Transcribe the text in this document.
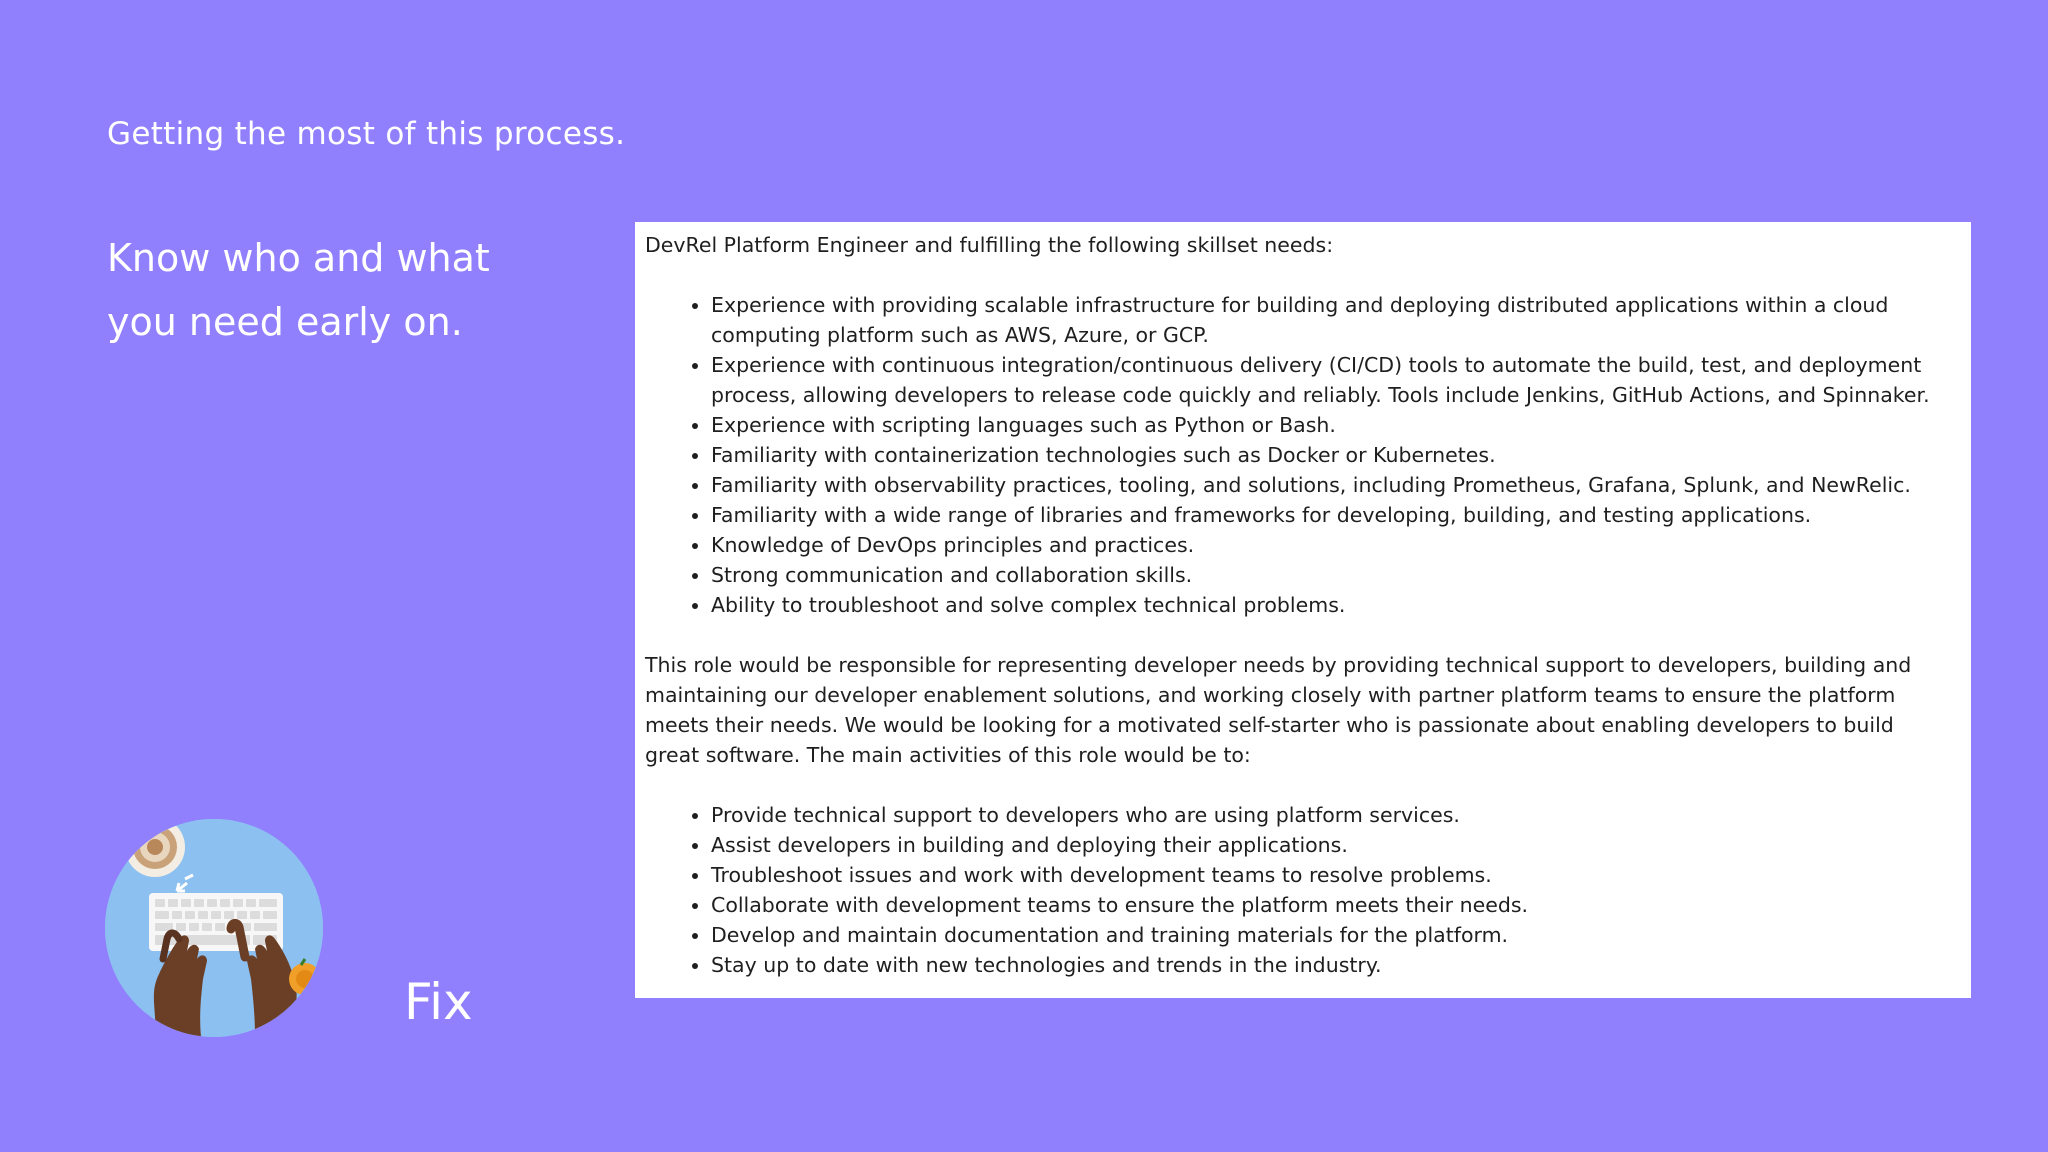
Getting the most of this process.
Know who and what you need early on.
Fix

DevRel Platform Engineer and fulfilling the following skillset needs:

• Experience with providing scalable infrastructure for building and deploying distributed applications within a cloud computing platform such as AWS, Azure, or GCP.
• Experience with continuous integration/continuous delivery (CI/CD) tools to automate the build, test, and deployment process, allowing developers to release code quickly and reliably. Tools include Jenkins, GitHub Actions, and Spinnaker.
• Experience with scripting languages such as Python or Bash.
• Familiarity with containerization technologies such as Docker or Kubernetes.
• Familiarity with observability practices, tooling, and solutions, including Prometheus, Grafana, Splunk, and NewRelic.
• Familiarity with a wide range of libraries and frameworks for developing, building, and testing applications.
• Knowledge of DevOps principles and practices.
• Strong communication and collaboration skills.
• Ability to troubleshoot and solve complex technical problems.

This role would be responsible for representing developer needs by providing technical support to developers, building and maintaining our developer enablement solutions, and working closely with partner platform teams to ensure the platform meets their needs. We would be looking for a motivated self-starter who is passionate about enabling developers to build great software. The main activities of this role would be to:

• Provide technical support to developers who are using platform services.
• Assist developers in building and deploying their applications.
• Troubleshoot issues and work with development teams to resolve problems.
• Collaborate with development teams to ensure the platform meets their needs.
• Develop and maintain documentation and training materials for the platform.
• Stay up to date with new technologies and trends in the industry.
